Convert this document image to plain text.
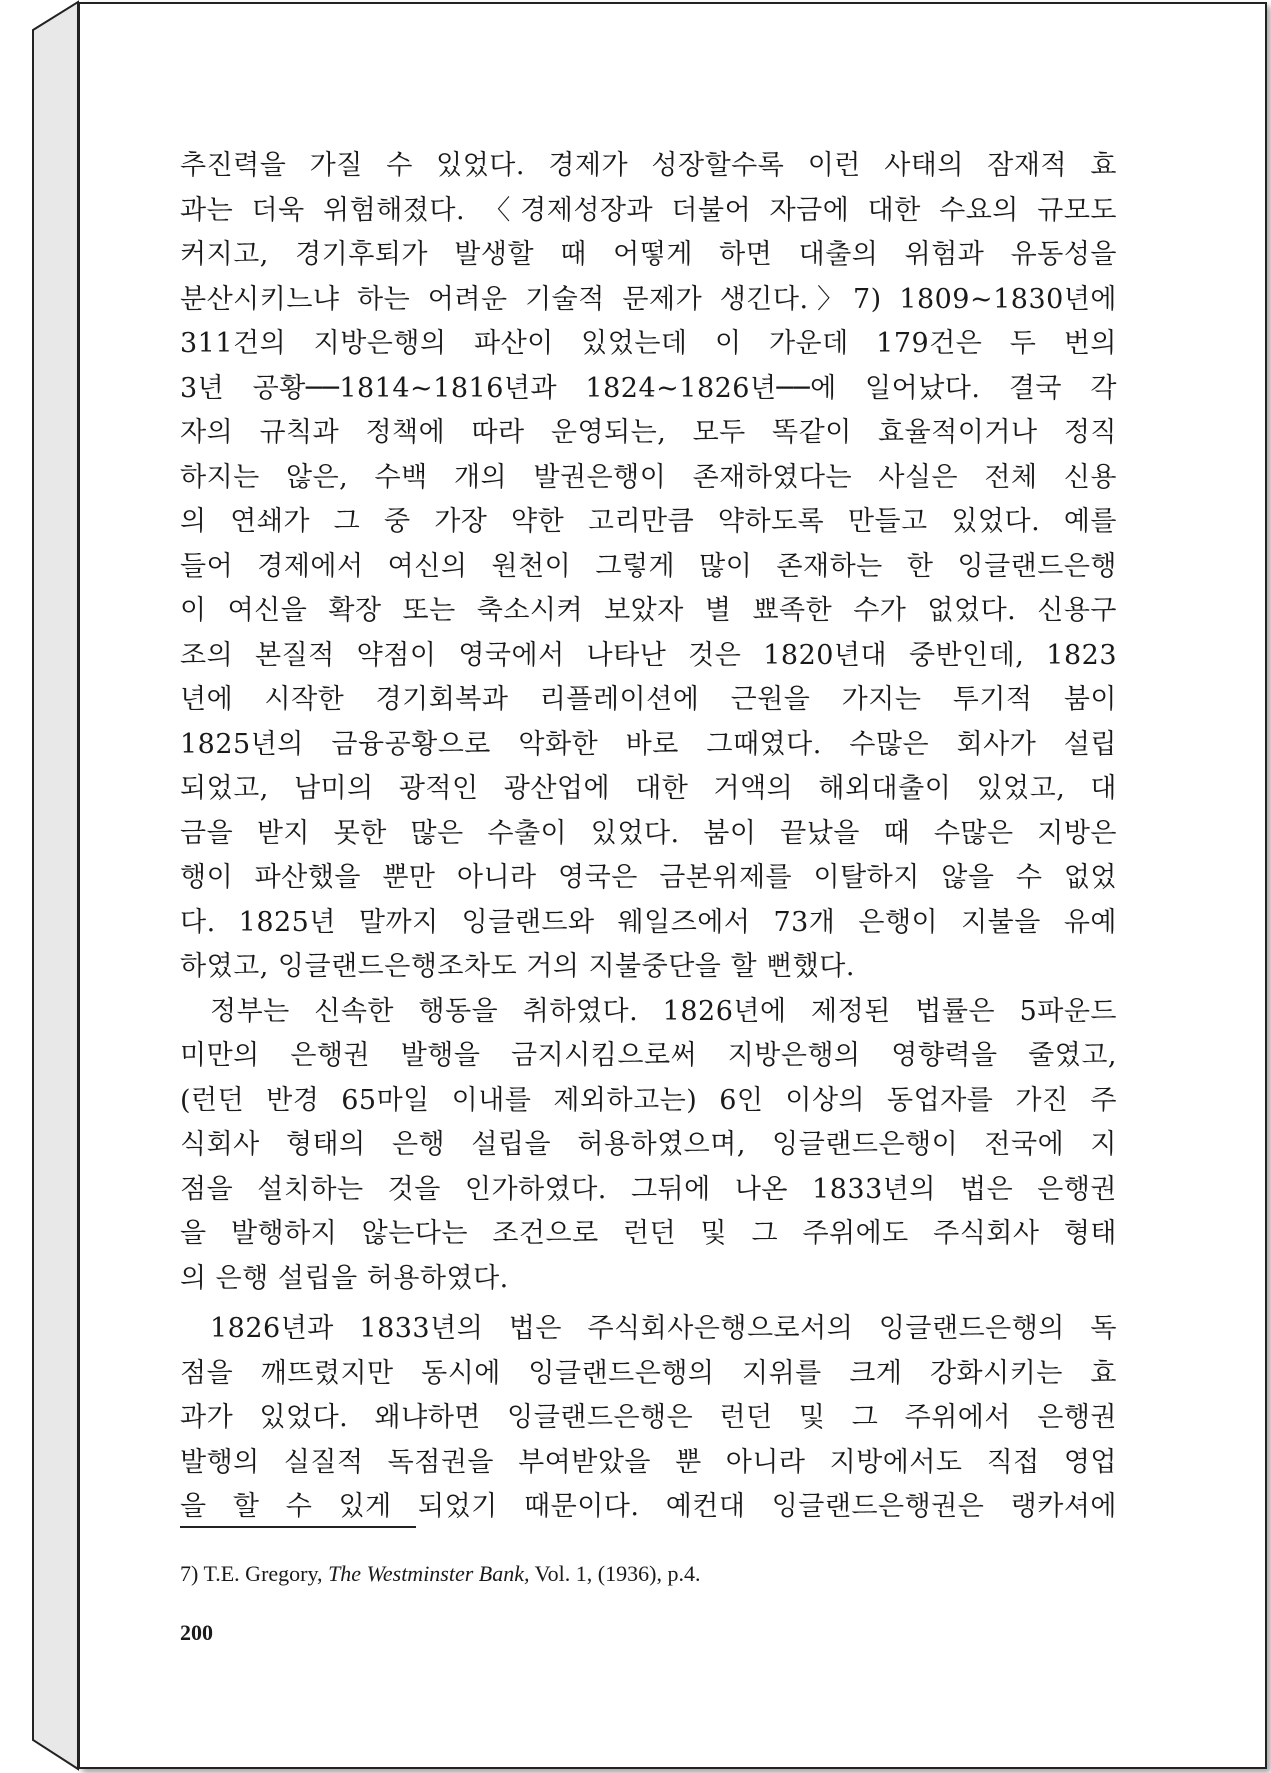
추진력을 가질 수 있었다. 경제가 성장할수록 이런 사태의 잠재적 효
과는 더욱 위험해졌다. 〈경제성장과 더불어 자금에 대한 수요의 규모도
커지고, 경기후퇴가 발생할 때 어떻게 하면 대출의 위험과 유동성을
분산시키느냐 하는 어려운 기술적 문제가 생긴다.〉7) 1809~1830년에
311건의 지방은행의 파산이 있었는데 이 가운데 179건은 두 번의
3년 공황──1814~1816년과 1824~1826년──에 일어났다. 결국 각
자의 규칙과 정책에 따라 운영되는, 모두 똑같이 효율적이거나 정직
하지는 않은, 수백 개의 발권은행이 존재하였다는 사실은 전체 신용
의 연쇄가 그 중 가장 약한 고리만큼 약하도록 만들고 있었다. 예를
들어 경제에서 여신의 원천이 그렇게 많이 존재하는 한 잉글랜드은행
이 여신을 확장 또는 축소시켜 보았자 별 뾰족한 수가 없었다. 신용구
조의 본질적 약점이 영국에서 나타난 것은 1820년대 중반인데, 1823
년에 시작한 경기회복과 리플레이션에 근원을 가지는 투기적 붐이
1825년의 금융공황으로 악화한 바로 그때였다. 수많은 회사가 설립
되었고, 남미의 광적인 광산업에 대한 거액의 해외대출이 있었고, 대
금을 받지 못한 많은 수출이 있었다. 붐이 끝났을 때 수많은 지방은
행이 파산했을 뿐만 아니라 영국은 금본위제를 이탈하지 않을 수 없었
다. 1825년 말까지 잉글랜드와 웨일즈에서 73개 은행이 지불을 유예
하였고, 잉글랜드은행조차도 거의 지불중단을 할 뻔했다.

정부는 신속한 행동을 취하였다. 1826년에 제정된 법률은 5파운드
미만의 은행권 발행을 금지시킴으로써 지방은행의 영향력을 줄였고,
(런던 반경 65마일 이내를 제외하고는) 6인 이상의 동업자를 가진 주
식회사 형태의 은행 설립을 허용하였으며, 잉글랜드은행이 전국에 지
점을 설치하는 것을 인가하였다. 그뒤에 나온 1833년의 법은 은행권
을 발행하지 않는다는 조건으로 런던 및 그 주위에도 주식회사 형태
의 은행 설립을 허용하였다.

1826년과 1833년의 법은 주식회사은행으로서의 잉글랜드은행의 독
점을 깨뜨렸지만 동시에 잉글랜드은행의 지위를 크게 강화시키는 효
과가 있었다. 왜냐하면 잉글랜드은행은 런던 및 그 주위에서 은행권
발행의 실질적 독점권을 부여받았을 뿐 아니라 지방에서도 직접 영업
을 할 수 있게 되었기 때문이다. 예컨대 잉글랜드은행권은 랭카셔에

7) T.E. Gregory, The Westminster Bank, Vol. 1, (1936), p.4.
200
